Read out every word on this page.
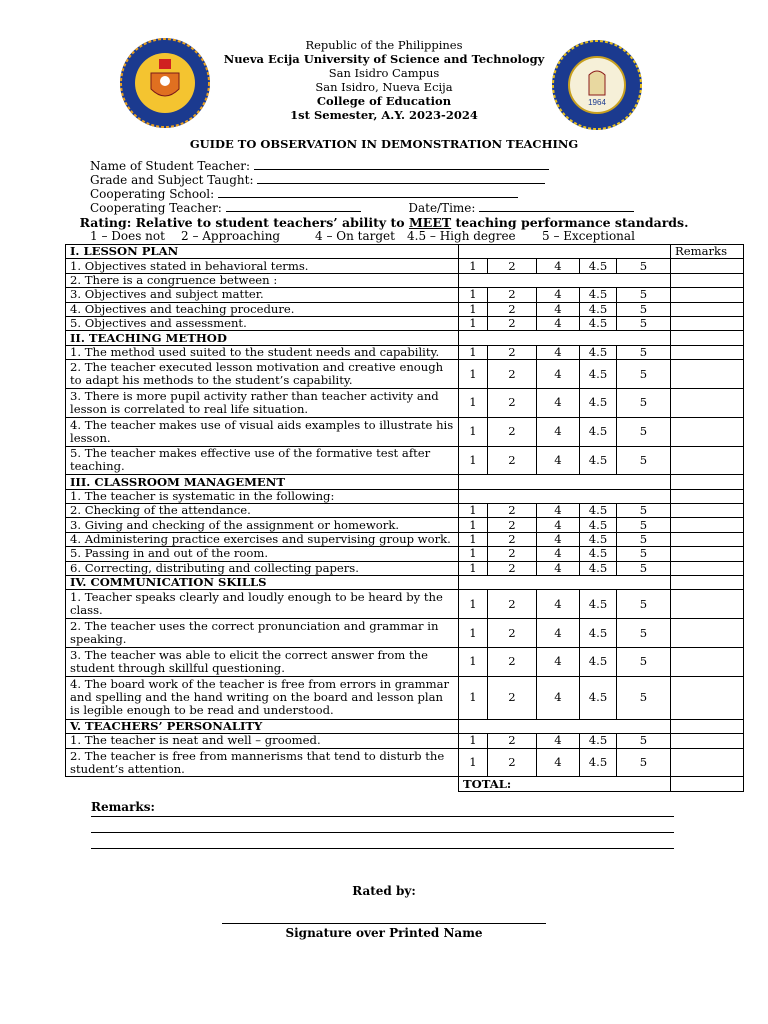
1964
Republic of the Philippines
Nueva Ecija University of Science and Technology
San Isidro Campus
San Isidro, Nueva Ecija
College of Education
1st Semester, A.Y. 2023-2024
GUIDE TO OBSERVATION IN DEMONSTRATION TEACHING
Name of Student Teacher:
Grade and Subject Taught:
Cooperating School:
Cooperating Teacher:	Date/Time:
Rating: Relative to student teachers’ ability to MEET teaching performance standards.
1 – Does not 2 – Approaching	4 – On target 4.5 – High degree 5 – Exceptional
I. LESSON PLAN						Remarks
1. Objectives stated in behavioral terms.	1	2	4	4.5	5	
2. There is a congruence between :						
3. Objectives and subject matter.	1	2	4	4.5	5	
4. Objectives and teaching procedure.	1	2	4	4.5	5	
5. Objectives and assessment.	1	2	4	4.5	5	
II. TEACHING METHOD						
1. The method used suited to the student needs and capability.	1	2	4	4.5	5	
2. The teacher executed lesson motivation and creative enough to adapt his methods to the student’s capability.	1	2	4	4.5	5	
3. There is more pupil activity rather than teacher activity and lesson is correlated to real life situation.	1	2	4	4.5	5	
4. The teacher makes use of visual aids examples to illustrate his lesson.	1	2	4	4.5	5	
5. The teacher makes effective use of the formative test after teaching.	1	2	4	4.5	5	
III. CLASSROOM MANAGEMENT						
1. The teacher is systematic in the following:						
2. Checking of the attendance.	1	2	4	4.5	5	
3. Giving and checking of the assignment or homework.	1	2	4	4.5	5	
4. Administering practice exercises and supervising group work.	1	2	4	4.5	5	
5. Passing in and out of the room.	1	2	4	4.5	5	
6. Correcting, distributing and collecting papers.	1	2	4	4.5	5	
IV. COMMUNICATION SKILLS						
1. Teacher speaks clearly and loudly enough to be heard by the class.	1	2	4	4.5	5	
2. The teacher uses the correct pronunciation and grammar in speaking.	1	2	4	4.5	5	
3. The teacher was able to elicit the correct answer from the student through skillful questioning.	1	2	4	4.5	5	
4. The board work of the teacher is free from errors in grammar and spelling and the hand writing on the board and lesson plan is legible enough to be read and understood.	1	2	4	4.5	5	
V. TEACHERS’ PERSONALITY						
1. The teacher is neat and well – groomed.	1	2	4	4.5	5	
2. The teacher is free from mannerisms that tend to disturb the student’s attention.	1	2	4	4.5	5	
	TOTAL:					
Remarks:
Rated by:
Signature over Printed Name
